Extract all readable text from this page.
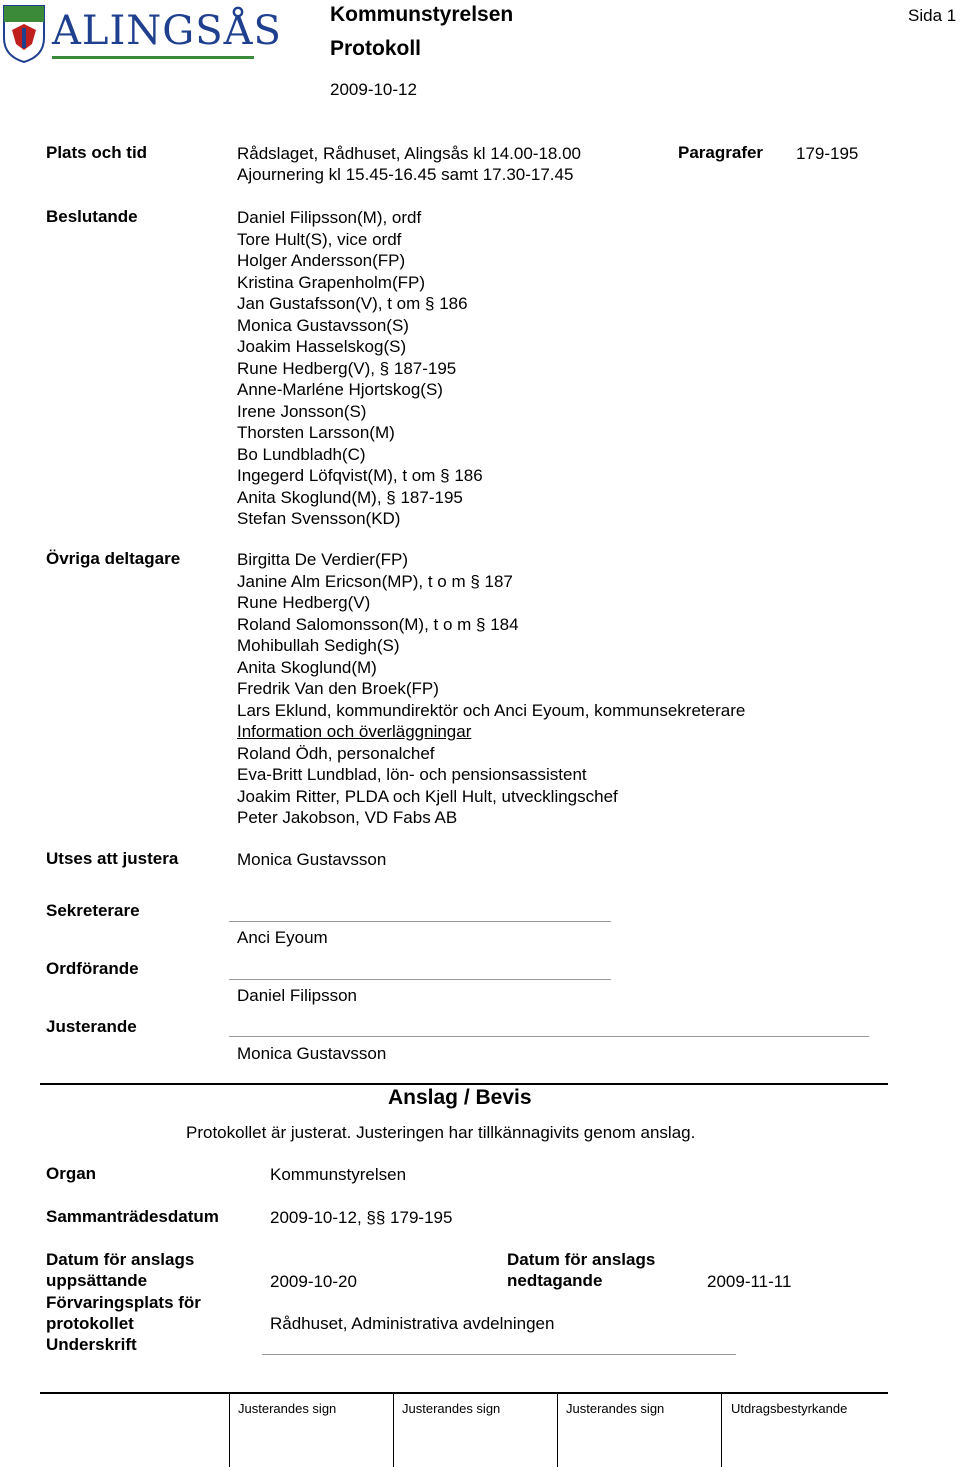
ALINGSÅS Kommunstyrelsen
Protokoll
2009-10-12
Sida 1
Plats och tid	Rådslaget, Rådhuset, Alingsås kl 14.00-18.00
Ajournering kl 15.45-16.45 samt 17.30-17.45
Paragrafer 179-195
Beslutande	Daniel Filipsson(M), ordf
Tore Hult(S), vice ordf
Holger Andersson(FP)
Kristina Grapenholm(FP)
Jan Gustafsson(V), t om § 186
Monica Gustavsson(S)
Joakim Hasselskog(S)
Rune Hedberg(V), § 187-195
Anne-Marléne Hjortskog(S)
Irene Jonsson(S)
Thorsten Larsson(M)
Bo Lundbladh(C)
Ingegerd Löfqvist(M), t om § 186
Anita Skoglund(M), § 187-195
Stefan Svensson(KD)
Övriga deltagare	Birgitta De Verdier(FP)
Janine Alm Ericson(MP), t o m § 187
Rune Hedberg(V)
Roland Salomonsson(M), t o m § 184
Mohibullah Sedigh(S)
Anita Skoglund(M)
Fredrik Van den Broek(FP)
Lars Eklund, kommundirektör och Anci Eyoum, kommunsekreterare
Information och överläggningar
Roland Ödh, personalchef
Eva-Britt Lundblad, lön- och pensionsassistent
Joakim Ritter, PLDA och Kjell Hult, utvecklingschef
Peter Jakobson, VD Fabs AB
Utses att justera	Monica Gustavsson
Sekreterare
Anci Eyoum
Ordförande
Daniel Filipsson
Justerande
Monica Gustavsson
Anslag / Bevis
Protokollet är justerat. Justeringen har tillkännagivits genom anslag.
Organ	Kommunstyrelsen
Sammanträdesdatum	2009-10-12, §§ 179-195
Datum för anslags
uppsättande	2009-10-20
Datum för anslags
nedtagande	2009-11-11
Förvaringsplats för
protokollet	Rådhuset, Administrativa avdelningen
Underskrift
Justerandes sign	Justerandes sign	Justerandes sign	Utdragsbestyrkande
